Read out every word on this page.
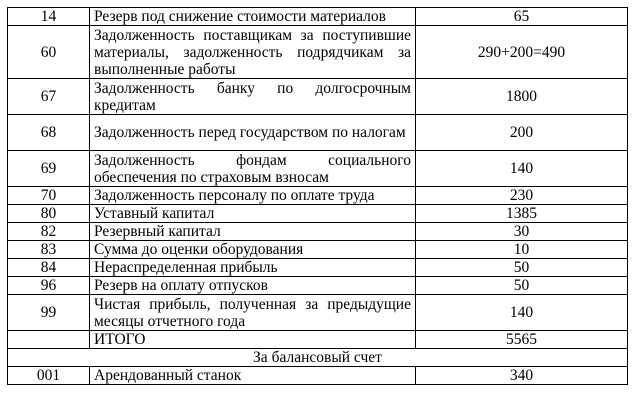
14	Резерв под снижение стоимости материалов	65
60	Задолженность поставщикам за поступившие материалы, задолженность подрядчикам за выполненные работы	290+200=490
67	Задолженность банку по долгосрочным кредитам	1800
68	Задолженность перед государством по налогам	200
69	Задолженность фондам социального обеспечения по страховым взносам	140
70	Задолженность персоналу по оплате труда	230
80	Уставный капитал	1385
82	Резервный капитал	30
83	Сумма до оценки оборудования	10
84	Нераспределенная прибыль	50
96	Резерв на оплату отпусков	50
99	Чистая прибыль, полученная за предыдущие месяцы отчетного года	140
	ИТОГО	5565
За балансовый счет		
001	Арендованный станок	340
